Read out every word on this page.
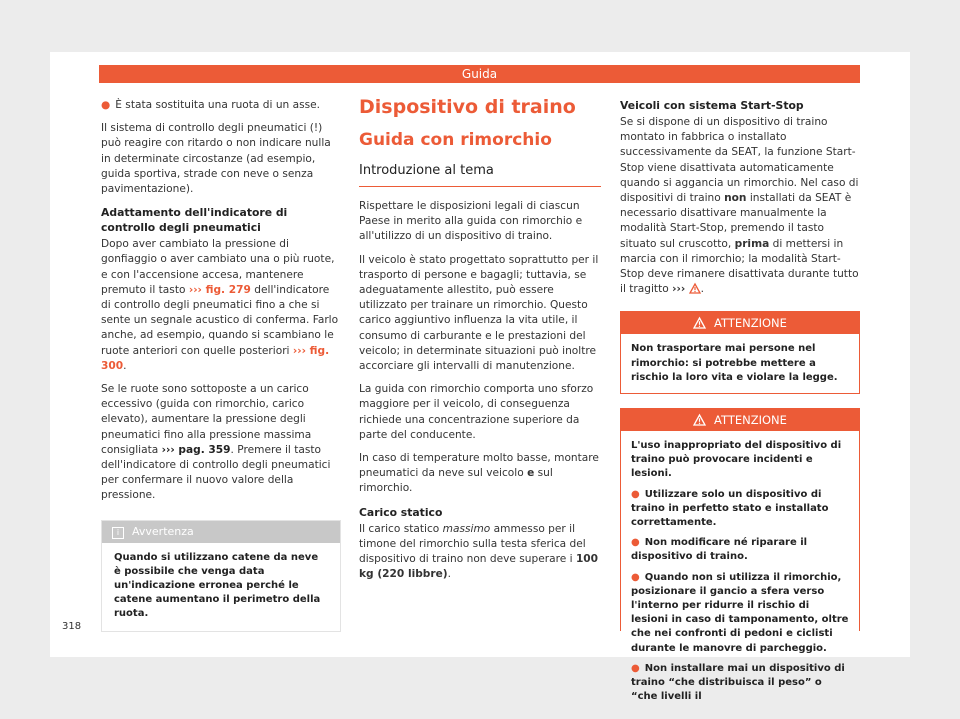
Guida

● È stata sostituita una ruota di un asse.

Il sistema di controllo degli pneumatici (!) può reagire con ritardo o non indicare nulla in determinate circostanze (ad esempio, guida sportiva, strade con neve o senza pavimentazione).

Adattamento dell'indicatore di controllo degli pneumatici

Dopo aver cambiato la pressione di gonfiaggio o aver cambiato una o più ruote, e con l'accensione accesa, mantenere premuto il tasto ››› fig. 279 dell'indicatore di controllo degli pneumatici fino a che si sente un segnale acustico di conferma. Farlo anche, ad esempio, quando si scambiano le ruote anteriori con quelle posteriori ››› fig. 300.

Se le ruote sono sottoposte a un carico eccessivo (guida con rimorchio, carico elevato), aumentare la pressione degli pneumatici fino alla pressione massima consigliata ››› pag. 359. Premere il tasto dell'indicatore di controllo degli pneumatici per confermare il nuovo valore della pressione.

i Avvertenza
Quando si utilizzano catene da neve è possibile che venga data un'indicazione erronea perché le catene aumentano il perimetro della ruota.
Dispositivo di traino
Guida con rimorchio
Introduzione al tema

Rispettare le disposizioni legali di ciascun Paese in merito alla guida con rimorchio e all'utilizzo di un dispositivo di traino.

Il veicolo è stato progettato soprattutto per il trasporto di persone e bagagli; tuttavia, se adeguatamente allestito, può essere utilizzato per trainare un rimorchio. Questo carico aggiuntivo influenza la vita utile, il consumo di carburante e le prestazioni del veicolo; in determinate situazioni può inoltre accorciare gli intervalli di manutenzione.

La guida con rimorchio comporta uno sforzo maggiore per il veicolo, di conseguenza richiede una concentrazione superiore da parte del conducente.

In caso di temperature molto basse, montare pneumatici da neve sul veicolo e sul rimorchio.

Carico statico

Il carico statico massimo ammesso per il timone del rimorchio sulla testa sferica del dispositivo di traino non deve superare i 100 kg (220 libbre).

Veicoli con sistema Start-Stop

Se si dispone di un dispositivo di traino montato in fabbrica o installato successivamente da SEAT, la funzione Start-Stop viene disattivata automaticamente quando si aggancia un rimorchio. Nel caso di dispositivi di traino non installati da SEAT è necessario disattivare manualmente la modalità Start-Stop, premendo il tasto situato sul cruscotto, prima di mettersi in marcia con il rimorchio; la modalità Start-Stop deve rimanere disattivata durante tutto il tragitto ››› .

ATTENZIONE
Non trasportare mai persone nel rimorchio: si potrebbe mettere a rischio la loro vita e violare la legge.
ATTENZIONE

L'uso inappropriato del dispositivo di traino può provocare incidenti e lesioni.

● Utilizzare solo un dispositivo di traino in perfetto stato e installato correttamente.

● Non modificare né riparare il dispositivo di traino.

● Quando non si utilizza il rimorchio, posizionare il gancio a sfera verso l'interno per ridurre il rischio di lesioni in caso di tamponamento, oltre che nei confronti di pedoni e ciclisti durante le manovre di parcheggio.

● Non installare mai un dispositivo di traino “che distribuisca il peso” o “che livelli il

318
